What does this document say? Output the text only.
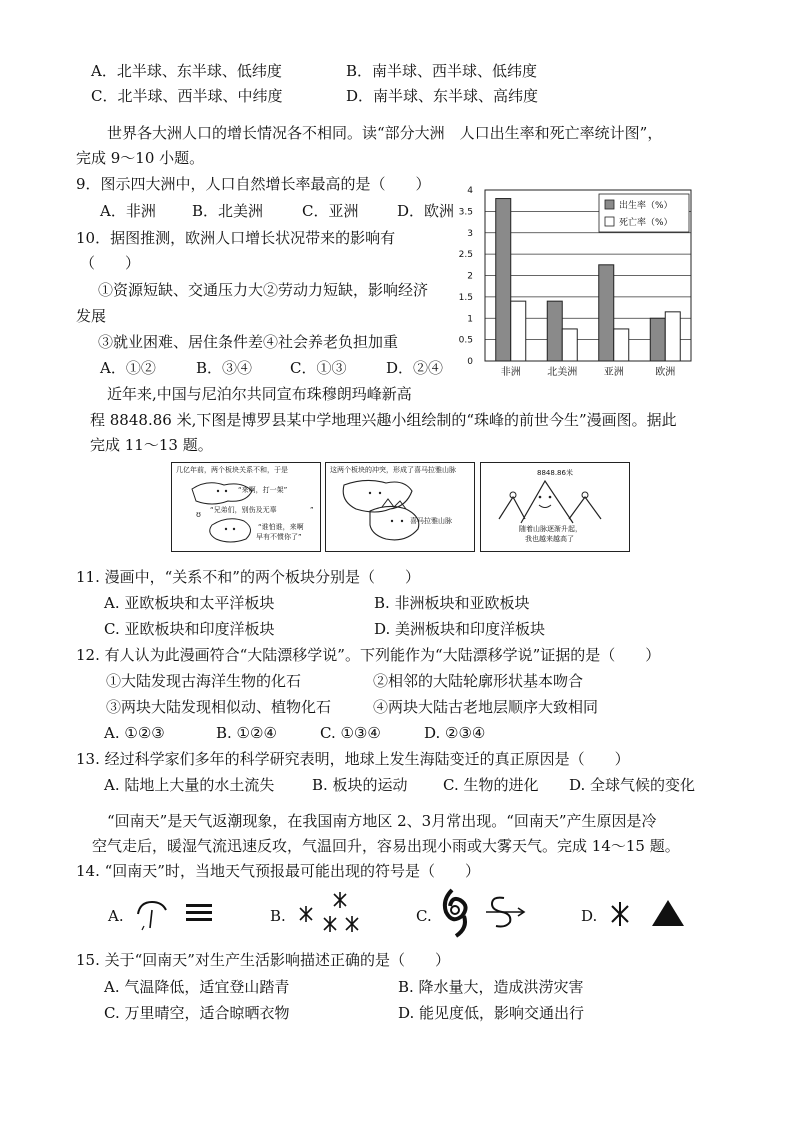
A．北半球、东半球、低纬度	B．南半球、西半球、低纬度
C．北半球、西半球、中纬度	D．南半球、东半球、高纬度
世界各大洲人口的增长情况各不相同。读“部分大洲　人口出生率和死亡率统计图”，
完成 9～10 小题。
9．图示四大洲中，人口自然增长率最高的是（　　）
A．非洲 B．北美洲	C．亚洲	D．欧洲
10．据图推测，欧洲人口增长状况带来的影响有
（　　）
①资源短缺、交通压力大②劳动力短缺，影响经济
发展
③就业困难、居住条件差④社会养老负担加重
A．①②	B．③④	C．①③	D．②④	0
0.5
1
1.5
2
2.5
3
3.5
4
非洲	北美洲	亚洲	欧洲
出生率（%）
死亡率（%）
近年来,中国与尼泊尔共同宣布珠穆朗玛峰新高
程 8848.86 米,下图是博罗县某中学地理兴趣小组绘制的“珠峰的前世今生”漫画图。据此
完成 11～13 题。
几亿年前，两个板块关系不和，于是
ʊ
“来啊，打一架”
“兄弟们，别伤及无辜	”
“谁怕谁，来啊
早有不惯你了”
这两个板块的冲突，形成了喜马拉雅山脉
喜马拉雅山脉
8848.86米
随着山脉逐渐升起，
我也越来越高了
11. 漫画中，“关系不和”的两个板块分别是（　　）
A. 亚欧板块和太平洋板块	B. 非洲板块和亚欧板块
C. 亚欧板块和印度洋板块	D. 美洲板块和印度洋板块
12. 有人认为此漫画符合“大陆漂移学说”。下列能作为“大陆漂移学说”证据的是（　　）
①大陆发现古海洋生物的化石	②相邻的大陆轮廓形状基本吻合
③两块大陆发现相似动、植物化石	④两块大陆古老地层顺序大致相同
A. ①②③	B. ①②④	C. ①③④	D. ②③④
13. 经过科学家们多年的科学研究表明，地球上发生海陆变迁的真正原因是（　　）
A. 陆地上大量的水土流失	B. 板块的运动 C. 生物的进化 D. 全球气候的变化
“回南天”是天气返潮现象，在我国南方地区 2、3月常出现。“回南天”产生原因是冷
空气走后，暖湿气流迅速反攻，气温回升，容易出现小雨或大雾天气。完成 14～15 题。
14. “回南天”时，当地天气预报最可能出现的符号是（　　）
A.	B.	C.	D.
15. 关于“回南天”对生产生活影响描述正确的是（　　）
A. 气温降低，适宜登山踏青	B. 降水量大，造成洪涝灾害
C. 万里晴空，适合晾晒衣物	D. 能见度低，影响交通出行
